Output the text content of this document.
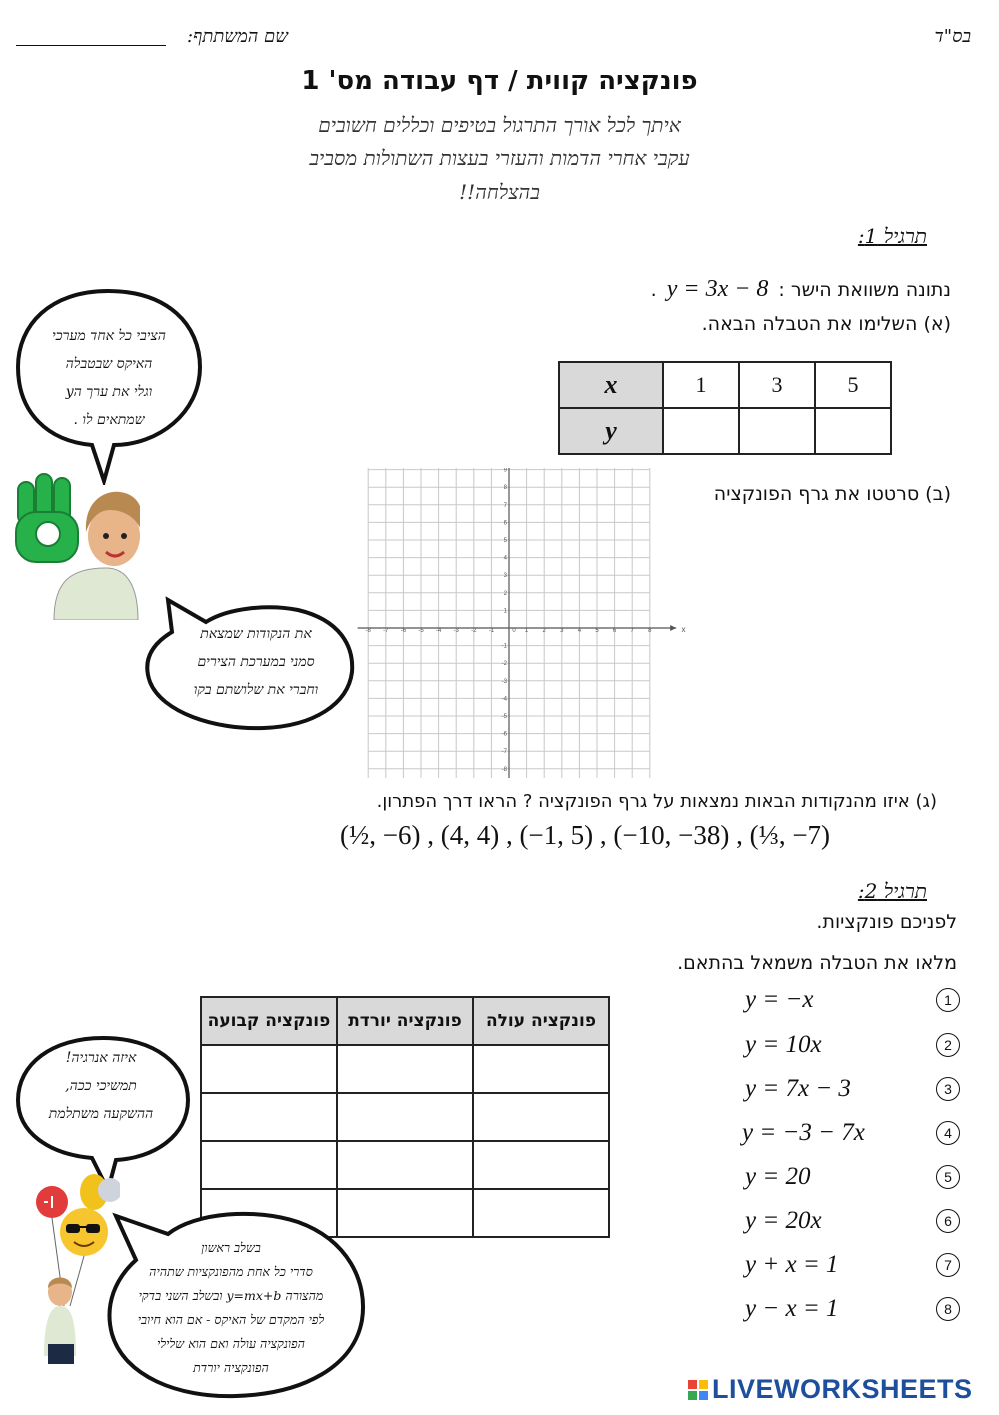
בס"ד
שם המשתתף:
פונקציה קווית / דף עבודה מס' 1
איתך לכל אורך התרגול בטיפים וכללים חשובים
עקבי אחרי הדמות והעזרי בעצות השתולות מסביב
בהצלחה!!
תרגיל 1:
נתונה משוואת הישר :
y = 3x − 8
.
(א) השלימו את הטבלה הבאה.
x	1	3	5
y			
(ב) סרטטו את גרף הפונקציה
x
-8 -7 -6 -5 -4 -3 -2 -1	0 1 2 3 4 5 6 7 8
1
2
3
4
5
6
7
8
9
-1
-2
-3
-4
-5
-6
-7
-8
(ג) איזו מהנקודות הבאות נמצאות על גרף הפונקציה ? הראו דרך הפתרון.
(½, −6) , (4, 4) , (−1, 5) , (−10, −38) , (⅓, −7)
תרגיל 2:
לפניכם פונקציות.
מלאו את הטבלה משמאל בהתאם.
פונקציה קבועה	פונקציה יורדת	פונקציה עולה

y = −x	1
y = 10x	2
y = 7x − 3	3
y = −3 − 7x	4
y = 20	5
y = 20x	6
y + x = 1	7
y − x = 1	8
הציבי כל אחד מערכי
האיקס שבטבלה
וגלי את ערך הy
שמתאים לו .
את הנקודות שמצאת
סמני במערכת הצירים
וחברי את שלושתם בקו
איזה אנרגיה!
תמשיכי ככה,
ההשקעה משתלמת
בשלב ראשון
סדרי כל אחת מהפונקציות שתהיה
מהצורה y=mx+b ובשלב השני בדקי
לפי המקדם של האיקס - אם הוא חיובי
הפונקציה עולה ואם הוא שלילי
הפונקציה יורדת
LIVEWORKSHEETS
